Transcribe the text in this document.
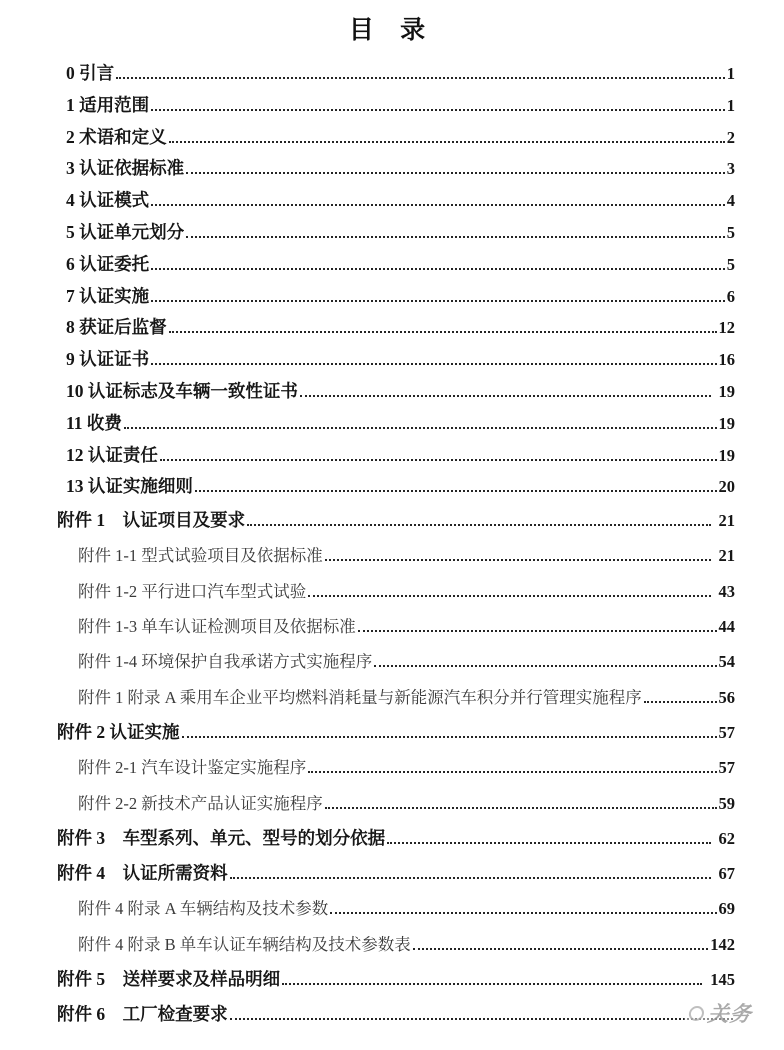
目 录
0 引言	1
1 适用范围	1
2 术语和定义	2
3 认证依据标准	3
4 认证模式	4
5 认证单元划分	5
6 认证委托	5
7 认证实施	6
8 获证后监督	12
9 认证证书	16
10 认证标志及车辆一致性证书	19
11 收费	19
12 认证责任	19
13 认证实施细则	20
附件 1　认证项目及要求	21
附件 1-1 型式试验项目及依据标准	21
附件 1-2 平行进口汽车型式试验	43
附件 1-3 单车认证检测项目及依据标准	44
附件 1-4 环境保护自我承诺方式实施程序	54
附件 1 附录 A 乘用车企业平均燃料消耗量与新能源汽车积分并行管理实施程序	56
附件 2 认证实施	57
附件 2-1 汽车设计鉴定实施程序	57
附件 2-2 新技术产品认证实施程序	59
附件 3　车型系列、单元、型号的划分依据	62
附件 4　认证所需资料	67
附件 4 附录 A 车辆结构及技术参数	69
附件 4 附录 B 单车认证车辆结构及技术参数表	142
附件 5　送样要求及样品明细	145
附件 6　工厂检查要求	关务
